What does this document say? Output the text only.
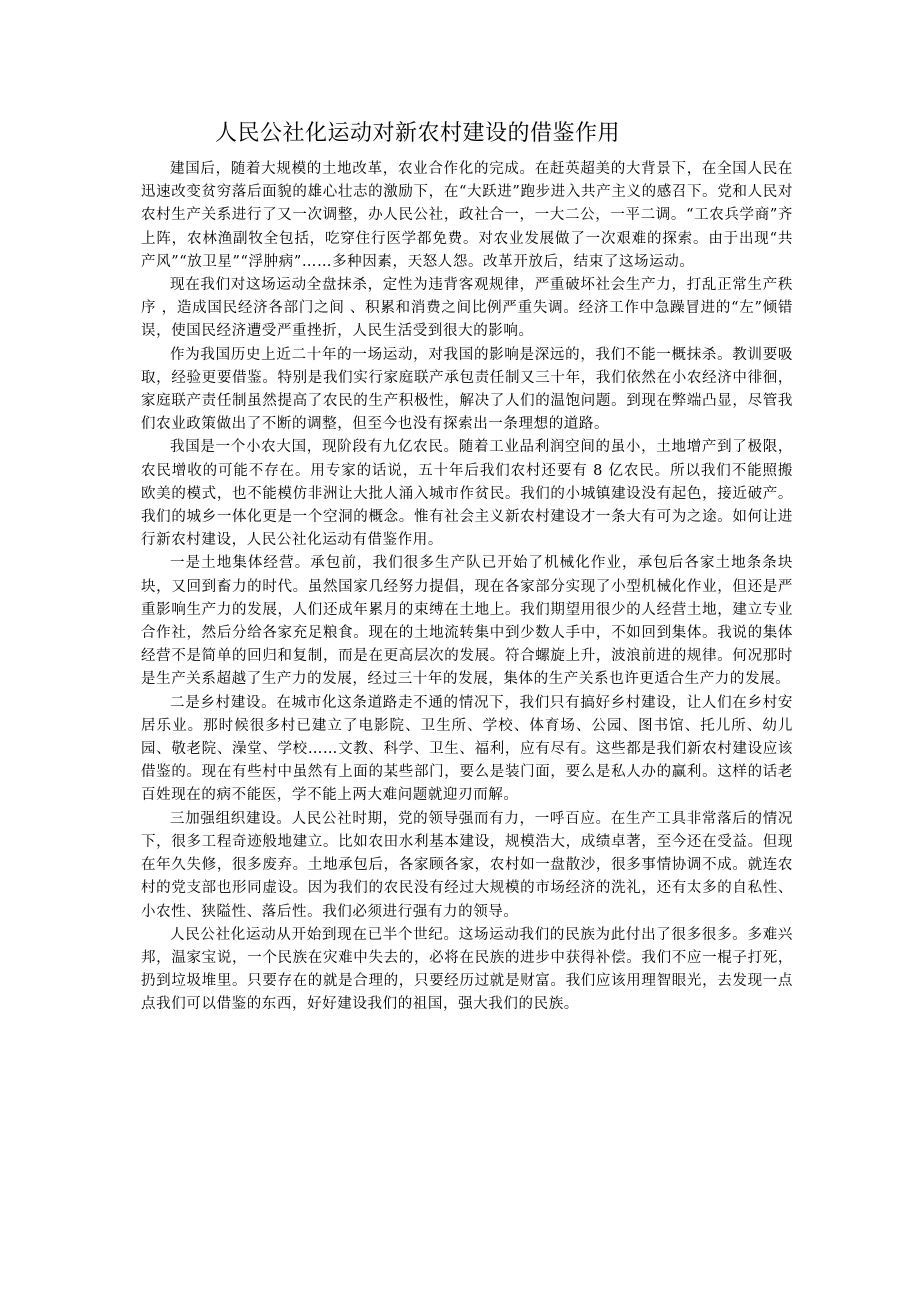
人民公社化运动对新农村建设的借鉴作用

建国后，随着大规模的土地改革，农业合作化的完成。在赶英超美的大背景下，在全国人民在迅速改变贫穷落后面貌的雄心壮志的激励下，在“大跃进”跑步进入共产主义的感召下。党和人民对农村生产关系进行了又一次调整，办人民公社，政社合一，一大二公，一平二调。“工农兵学商”齐上阵，农林渔副牧全包括，吃穿住行医学都免费。对农业发展做了一次艰难的探索。由于出现“共产风”“放卫星”“浮肿病”……多种因素，天怒人怨。改革开放后，结束了这场运动。

现在我们对这场运动全盘抹杀，定性为违背客观规律，严重破坏社会生产力，打乱正常生产秩序 ，造成国民经济各部门之间 、积累和消费之间比例严重失调。经济工作中急躁冒进的“左”倾错误，使国民经济遭受严重挫折，人民生活受到很大的影响。

作为我国历史上近二十年的一场运动，对我国的影响是深远的，我们不能一概抹杀。教训要吸取，经验更要借鉴。特别是我们实行家庭联产承包责任制又三十年，我们依然在小农经济中徘徊，家庭联产责任制虽然提高了农民的生产积极性，解决了人们的温饱问题。到现在弊端凸显，尽管我们农业政策做出了不断的调整，但至今也没有探索出一条理想的道路。

我国是一个小农大国，现阶段有九亿农民。随着工业品利润空间的虽小，土地增产到了极限，农民增收的可能不存在。用专家的话说，五十年后我们农村还要有 8 亿农民。所以我们不能照搬欧美的模式，也不能模仿非洲让大批人涌入城市作贫民。我们的小城镇建设没有起色，接近破产。我们的城乡一体化更是一个空洞的概念。惟有社会主义新农村建设才一条大有可为之途。如何让进行新农村建设，人民公社化运动有借鉴作用。

一是土地集体经营。承包前，我们很多生产队已开始了机械化作业，承包后各家土地条条块块，又回到畜力的时代。虽然国家几经努力提倡，现在各家部分实现了小型机械化作业，但还是严重影响生产力的发展，人们还成年累月的束缚在土地上。我们期望用很少的人经营土地，建立专业合作社，然后分给各家充足粮食。现在的土地流转集中到少数人手中，不如回到集体。我说的集体经营不是简单的回归和复制，而是在更高层次的发展。符合螺旋上升，波浪前进的规律。何况那时是生产关系超越了生产力的发展，经过三十年的发展，集体的生产关系也许更适合生产力的发展。

二是乡村建设。在城市化这条道路走不通的情况下，我们只有搞好乡村建设，让人们在乡村安居乐业。那时候很多村已建立了电影院、卫生所、学校、体育场、公园、图书馆、托儿所、幼儿园、敬老院、澡堂、学校……文教、科学、卫生、福利，应有尽有。这些都是我们新农村建设应该借鉴的。现在有些村中虽然有上面的某些部门，要么是装门面，要么是私人办的赢利。这样的话老百姓现在的病不能医，学不能上两大难问题就迎刃而解。

三加强组织建设。人民公社时期，党的领导强而有力，一呼百应。在生产工具非常落后的情况下，很多工程奇迹般地建立。比如农田水利基本建设，规模浩大，成绩卓著，至今还在受益。但现在年久失修，很多废弃。土地承包后，各家顾各家，农村如一盘散沙，很多事情协调不成。就连农村的党支部也形同虚设。因为我们的农民没有经过大规模的市场经济的洗礼，还有太多的自私性、小农性、狭隘性、落后性。我们必须进行强有力的领导。

人民公社化运动从开始到现在已半个世纪。这场运动我们的民族为此付出了很多很多。多难兴邦，温家宝说，一个民族在灾难中失去的，必将在民族的进步中获得补偿。我们不应一棍子打死，扔到垃圾堆里。只要存在的就是合理的，只要经历过就是财富。我们应该用理智眼光，去发现一点点我们可以借鉴的东西，好好建设我们的祖国，强大我们的民族。
